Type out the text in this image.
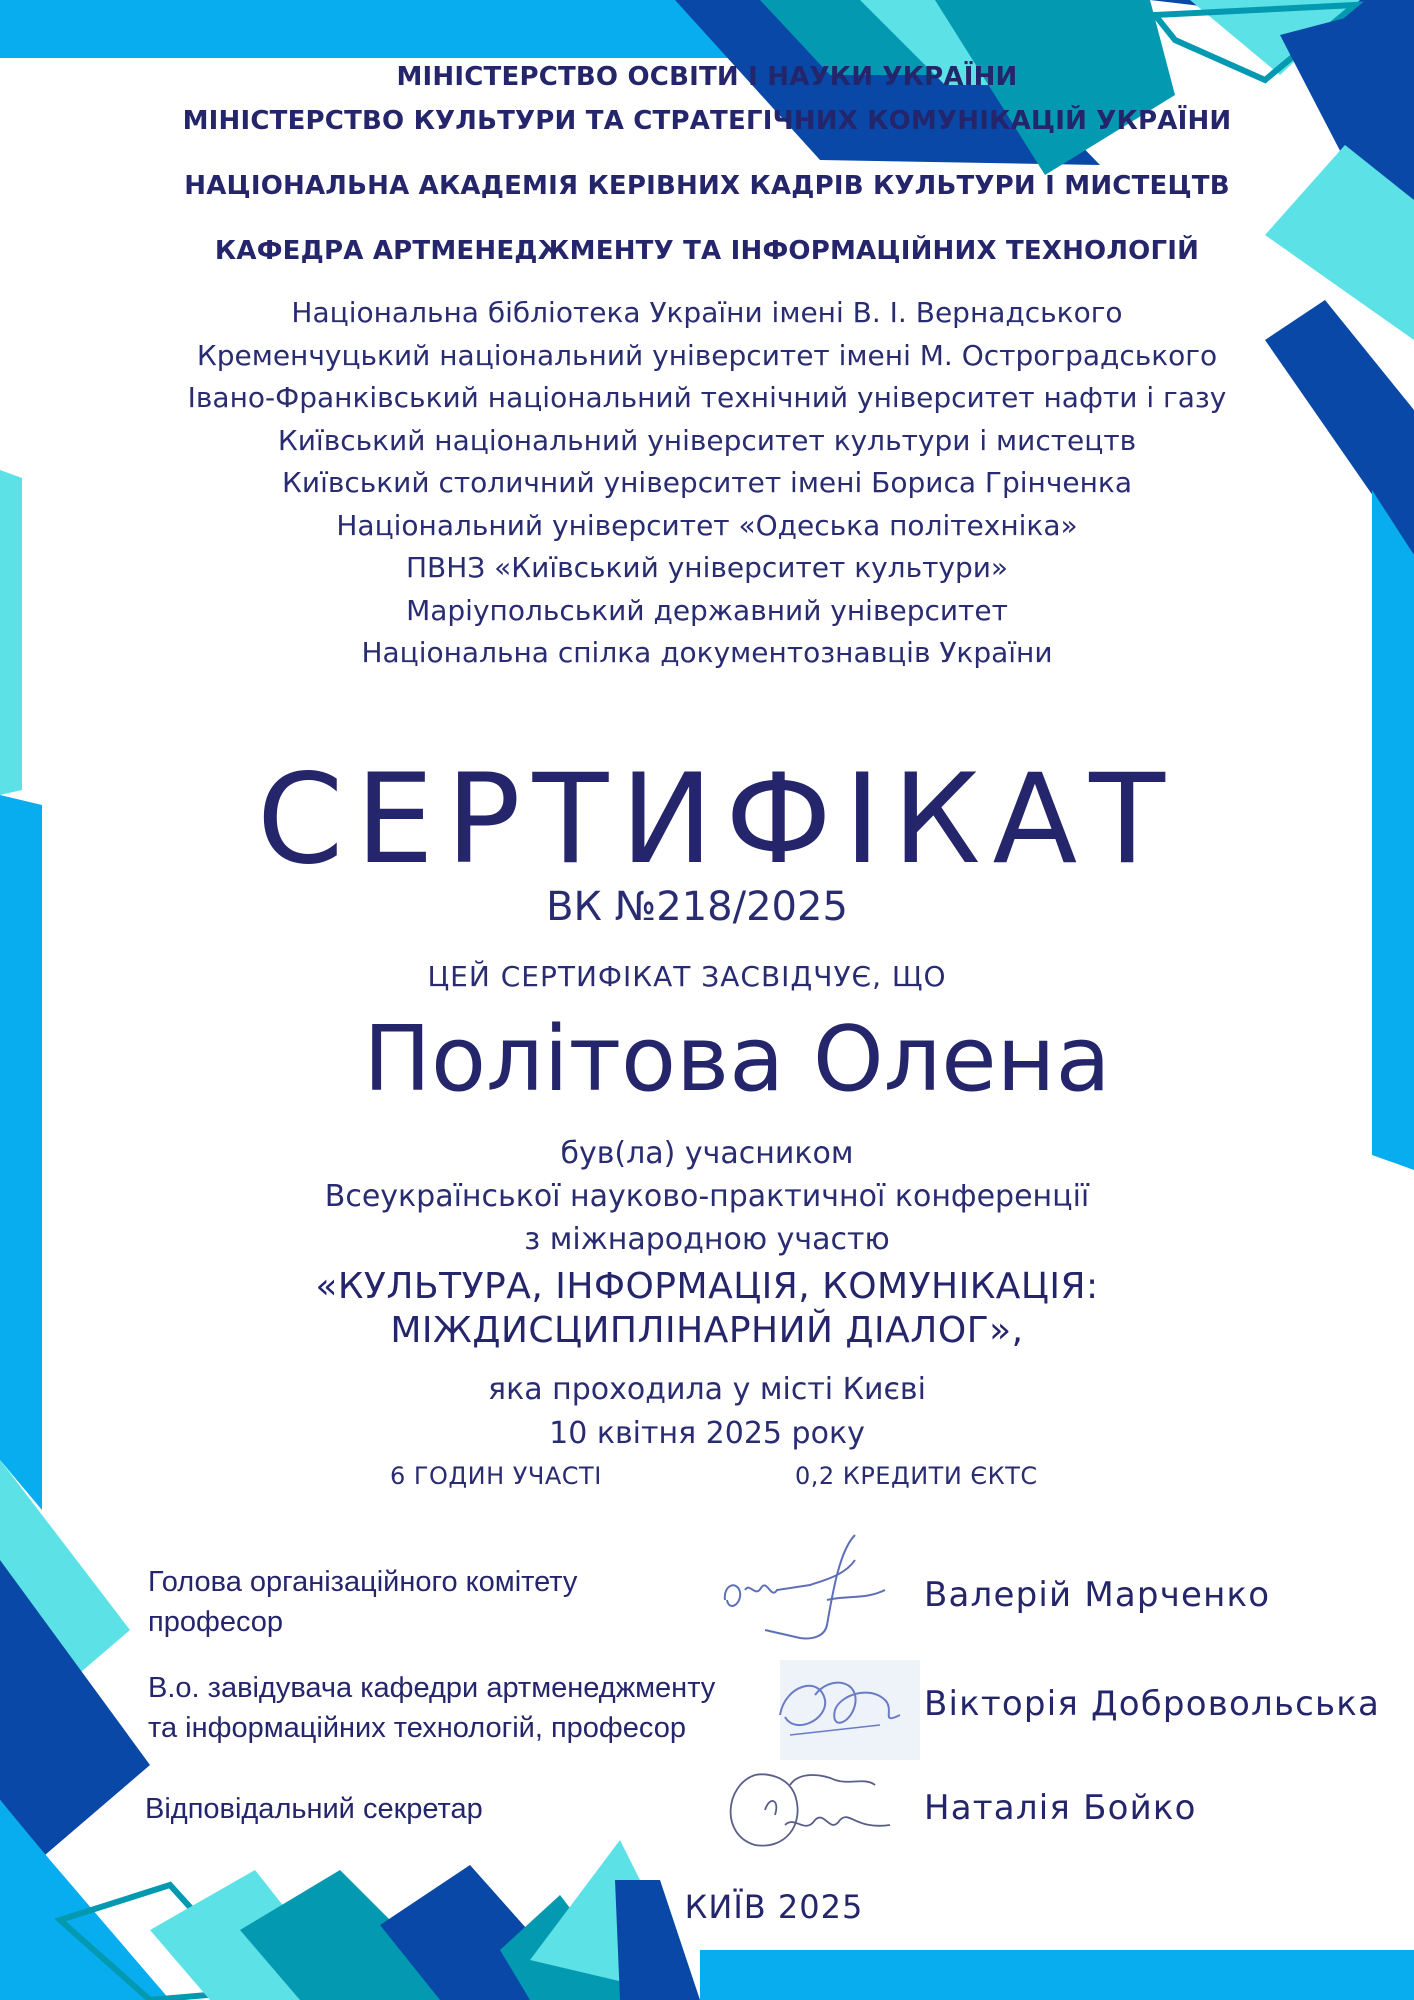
МІНІСТЕРСТВО ОСВІТИ І НАУКИ УКРАЇНИ
МІНІСТЕРСТВО КУЛЬТУРИ ТА СТРАТЕГІЧНИХ КОМУНІКАЦІЙ УКРАЇНИ
НАЦІОНАЛЬНА АКАДЕМІЯ КЕРІВНИХ КАДРІВ КУЛЬТУРИ І МИСТЕЦТВ
КАФЕДРА АРТМЕНЕДЖМЕНТУ ТА ІНФОРМАЦІЙНИХ ТЕХНОЛОГІЙ
Національна бібліотека України імені В. І. Вернадського
Кременчуцький національний університет імені М. Остроградського
Івано-Франківський національний технічний університет нафти і газу
Київський національний університет культури і мистецтв
Київський столичний університет імені Бориса Грінченка
Національний університет «Одеська політехніка»
ПВНЗ «Київський університет культури»
Маріупольський державний університет
Національна спілка документознавців України
СЕРТИФІКАТ
ВК №218/2025
ЦЕЙ СЕРТИФІКАТ ЗАСВІДЧУЄ, ЩО
Політова Олена
був(ла) учасником
Всеукраїнської науково-практичної конференції
з міжнародною участю
«КУЛЬТУРА, ІНФОРМАЦІЯ, КОМУНІКАЦІЯ:
МІЖДИСЦИПЛІНАРНИЙ ДІАЛОГ»,
яка проходила у місті Києві
10 квітня 2025 року
6 ГОДИН УЧАСТІ	0,2 КРЕДИТИ ЄКТС
Голова організаційного комітету
професор
Валерій Марченко
В.о. завідувача кафедри артменеджменту
та інформаційних технологій, професор
Вікторія Добровольська
Відповідальний секретар	Наталія Бойко
КИЇВ 2025
